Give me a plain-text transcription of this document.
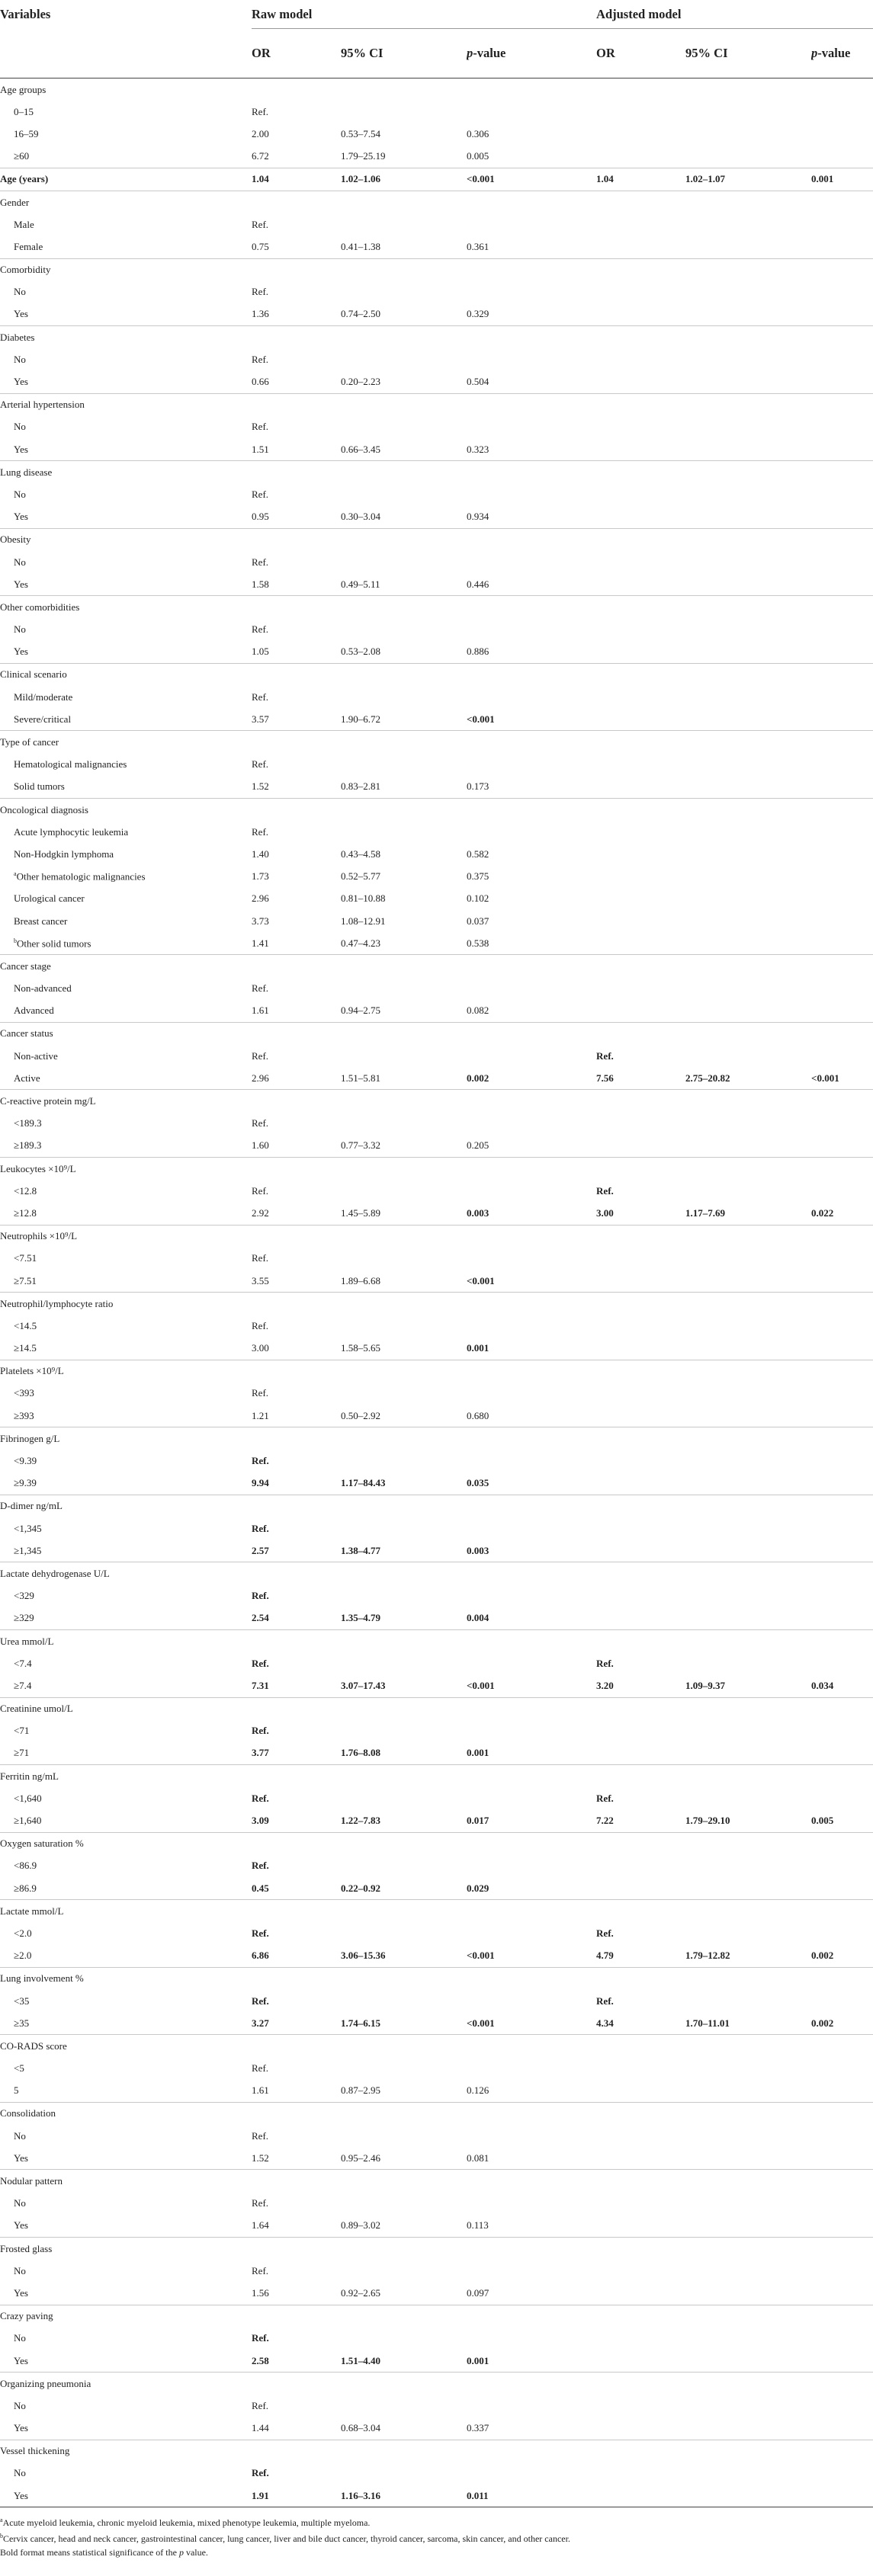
Variables	Raw model			Adjusted model		
	OR	95% CI	p-value	OR	95% CI	p-value
Age groups						
0–15	Ref.					
16–59	2.00	0.53–7.54	0.306			
≥60	6.72	1.79–25.19	0.005			
Age (years)	1.04	1.02–1.06	<0.001	1.04	1.02–1.07	0.001
Gender						
Male	Ref.					
Female	0.75	0.41–1.38	0.361			
Comorbidity						
No	Ref.					
Yes	1.36	0.74–2.50	0.329			
Diabetes						
No	Ref.					
Yes	0.66	0.20–2.23	0.504			
Arterial hypertension						
No	Ref.					
Yes	1.51	0.66–3.45	0.323			
Lung disease						
No	Ref.					
Yes	0.95	0.30–3.04	0.934			
Obesity						
No	Ref.					
Yes	1.58	0.49–5.11	0.446			
Other comorbidities						
No	Ref.					
Yes	1.05	0.53–2.08	0.886			
Clinical scenario						
Mild/moderate	Ref.					
Severe/critical	3.57	1.90–6.72	<0.001			
Type of cancer						
Hematological malignancies	Ref.					
Solid tumors	1.52	0.83–2.81	0.173			
Oncological diagnosis						
Acute lymphocytic leukemia	Ref.					
Non-Hodgkin lymphoma	1.40	0.43–4.58	0.582			
$^a$Other hematologic malignancies	1.73	0.52–5.77	0.375			
Urological cancer	2.96	0.81–10.88	0.102			
Breast cancer	3.73	1.08–12.91	0.037			
$^b$Other solid tumors	1.41	0.47–4.23	0.538			
Cancer stage						
Non-advanced	Ref.					
Advanced	1.61	0.94–2.75	0.082			
Cancer status						
Non-active	Ref.			Ref.		
Active	2.96	1.51–5.81	0.002	7.56	2.75–20.82	<0.001
C-reactive protein mg/L						
<189.3	Ref.					
≥189.3	1.60	0.77–3.32	0.205			
Leukocytes ×10⁹/L						
<12.8	Ref.			Ref.		
≥12.8	2.92	1.45–5.89	0.003	3.00	1.17–7.69	0.022
Neutrophils ×10⁹/L						
<7.51	Ref.					
≥7.51	3.55	1.89–6.68	<0.001			
Neutrophil/lymphocyte ratio						
<14.5	Ref.					
≥14.5	3.00	1.58–5.65	0.001			
Platelets ×10⁹/L						
<393	Ref.					
≥393	1.21	0.50–2.92	0.680			
Fibrinogen g/L						
<9.39	Ref.					
≥9.39	9.94	1.17–84.43	0.035			
D-dimer ng/mL						
<1,345	Ref.					
≥1,345	2.57	1.38–4.77	0.003			
Lactate dehydrogenase U/L						
<329	Ref.					
≥329	2.54	1.35–4.79	0.004			
Urea mmol/L						
<7.4	Ref.			Ref.		
≥7.4	7.31	3.07–17.43	<0.001	3.20	1.09–9.37	0.034
Creatinine umol/L						
<71	Ref.					
≥71	3.77	1.76–8.08	0.001			
Ferritin ng/mL						
<1,640	Ref.			Ref.		
≥1,640	3.09	1.22–7.83	0.017	7.22	1.79–29.10	0.005
Oxygen saturation %						
<86.9	Ref.					
≥86.9	0.45	0.22–0.92	0.029			
Lactate mmol/L						
<2.0	Ref.			Ref.		
≥2.0	6.86	3.06–15.36	<0.001	4.79	1.79–12.82	0.002
Lung involvement %						
<35	Ref.			Ref.		
≥35	3.27	1.74–6.15	<0.001	4.34	1.70–11.01	0.002
CO-RADS score						
<5	Ref.					
5	1.61	0.87–2.95	0.126			
Consolidation						
No	Ref.					
Yes	1.52	0.95–2.46	0.081			
Nodular pattern						
No	Ref.					
Yes	1.64	0.89–3.02	0.113			
Frosted glass						
No	Ref.					
Yes	1.56	0.92–2.65	0.097			
Crazy paving						
No	Ref.					
Yes	2.58	1.51–4.40	0.001			
Organizing pneumonia						
No	Ref.					
Yes	1.44	0.68–3.04	0.337			
Vessel thickening						
No	Ref.					
Yes	1.91	1.16–3.16	0.011			
$^a$Acute myeloid leukemia, chronic myeloid leukemia, mixed phenotype leukemia, multiple myeloma.
$^b$Cervix cancer, head and neck cancer, gastrointestinal cancer, lung cancer, liver and bile duct cancer, thyroid cancer, sarcoma, skin cancer, and other cancer.
Bold format means statistical significance of the p value.
